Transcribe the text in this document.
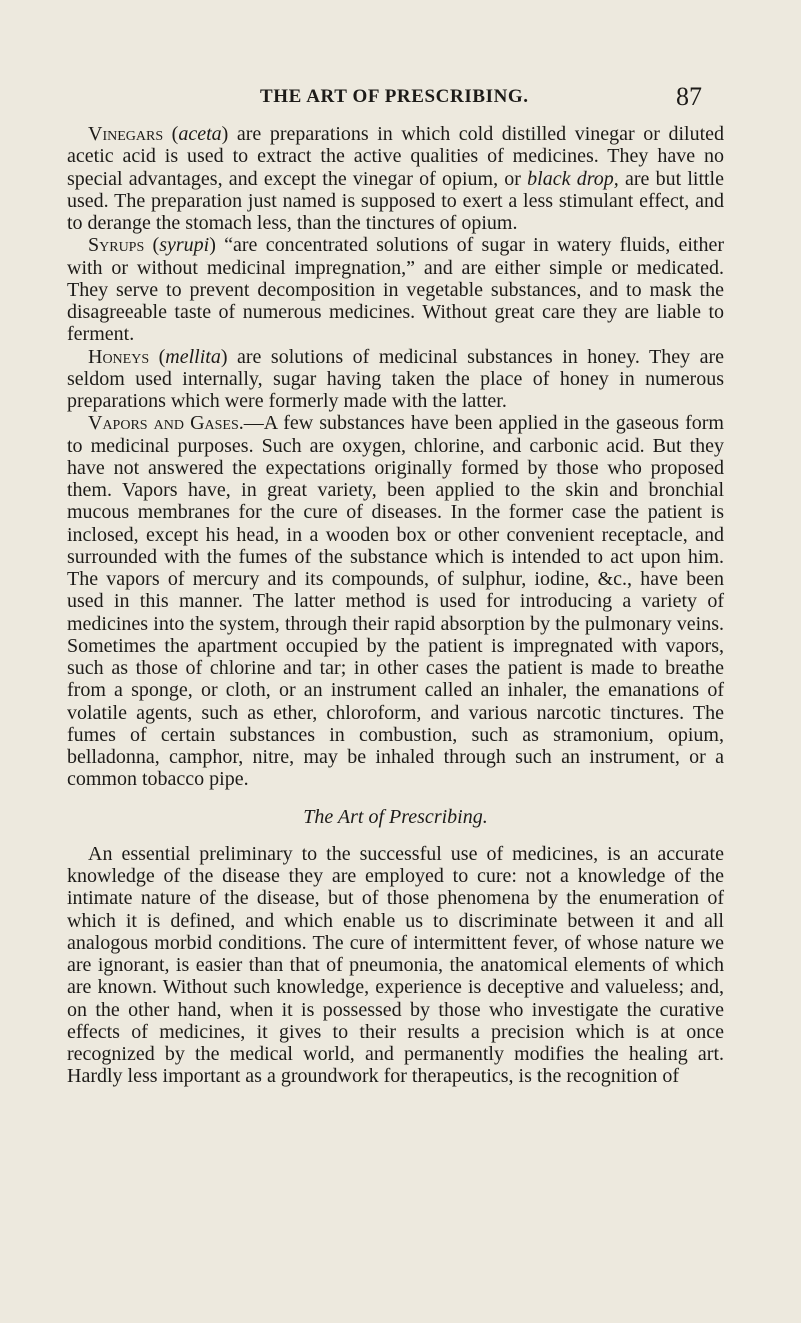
THE ART OF PRESCRIBING.	87

Vinegars (aceta) are preparations in which cold distilled vinegar or diluted acetic acid is used to extract the active qualities of medicines. They have no special advantages, and except the vinegar of opium, or black drop, are but little used. The preparation just named is supposed to exert a less stimulant effect, and to derange the stomach less, than the tinctures of opium.

Syrups (syrupi) “are concentrated solutions of sugar in watery fluids, either with or without medicinal impregnation,” and are either simple or medicated. They serve to prevent decomposition in vegetable substances, and to mask the disagreeable taste of numerous medicines. Without great care they are liable to ferment.

Honeys (mellita) are solutions of medicinal substances in honey. They are seldom used internally, sugar having taken the place of honey in numerous preparations which were formerly made with the latter.

Vapors and Gases.—A few substances have been applied in the gaseous form to medicinal purposes. Such are oxygen, chlorine, and carbonic acid. But they have not answered the expectations originally formed by those who proposed them. Vapors have, in great variety, been applied to the skin and bronchial mucous membranes for the cure of diseases. In the former case the patient is inclosed, except his head, in a wooden box or other convenient receptacle, and surrounded with the fumes of the substance which is intended to act upon him. The vapors of mercury and its compounds, of sulphur, iodine, &c., have been used in this manner. The latter method is used for introducing a variety of medicines into the system, through their rapid absorption by the pulmonary veins. Sometimes the apartment occupied by the patient is impregnated with vapors, such as those of chlorine and tar; in other cases the patient is made to breathe from a sponge, or cloth, or an instrument called an inhaler, the emanations of volatile agents, such as ether, chloroform, and various narcotic tinctures. The fumes of certain substances in combustion, such as stramonium, opium, belladonna, camphor, nitre, may be inhaled through such an instrument, or a common tobacco pipe.

The Art of Prescribing.

An essential preliminary to the successful use of medicines, is an accurate knowledge of the disease they are employed to cure: not a knowledge of the intimate nature of the disease, but of those phenomena by the enumeration of which it is defined, and which enable us to discriminate between it and all analogous morbid conditions. The cure of intermittent fever, of whose nature we are ignorant, is easier than that of pneumonia, the anatomical elements of which are known. Without such knowledge, experience is deceptive and valueless; and, on the other hand, when it is possessed by those who investigate the curative effects of medicines, it gives to their results a precision which is at once recognized by the medical world, and permanently modifies the healing art. Hardly less important as a groundwork for therapeutics, is the recognition of
